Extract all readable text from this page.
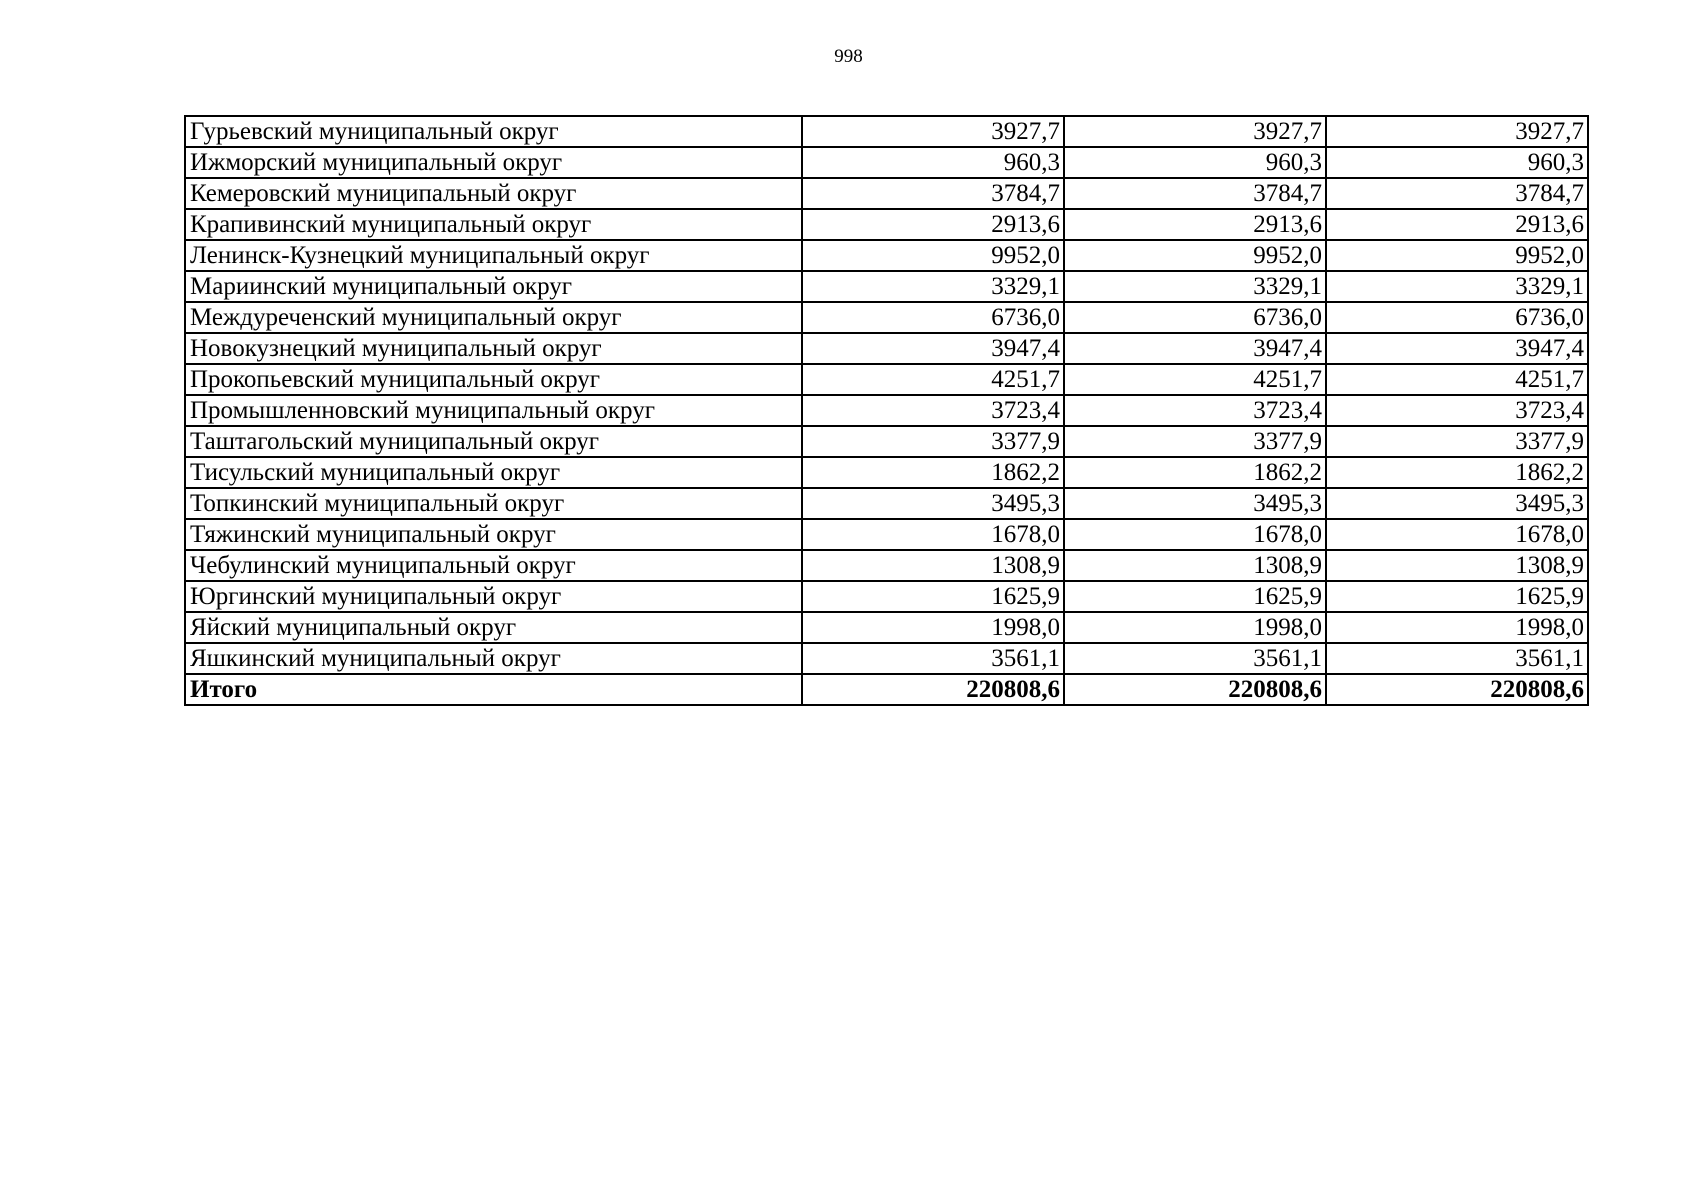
998
Гурьевский муниципальный округ	3927,7	3927,7	3927,7
Ижморский муниципальный округ	960,3	960,3	960,3
Кемеровский муниципальный округ	3784,7	3784,7	3784,7
Крапивинский муниципальный округ	2913,6	2913,6	2913,6
Ленинск-Кузнецкий муниципальный округ	9952,0	9952,0	9952,0
Мариинский муниципальный округ	3329,1	3329,1	3329,1
Междуреченский муниципальный округ	6736,0	6736,0	6736,0
Новокузнецкий муниципальный округ	3947,4	3947,4	3947,4
Прокопьевский муниципальный округ	4251,7	4251,7	4251,7
Промышленновский муниципальный округ	3723,4	3723,4	3723,4
Таштагольский муниципальный округ	3377,9	3377,9	3377,9
Тисульский муниципальный округ	1862,2	1862,2	1862,2
Топкинский муниципальный округ	3495,3	3495,3	3495,3
Тяжинский муниципальный округ	1678,0	1678,0	1678,0
Чебулинский муниципальный округ	1308,9	1308,9	1308,9
Юргинский муниципальный округ	1625,9	1625,9	1625,9
Яйский муниципальный округ	1998,0	1998,0	1998,0
Яшкинский муниципальный округ	3561,1	3561,1	3561,1
Итого	220808,6	220808,6	220808,6
